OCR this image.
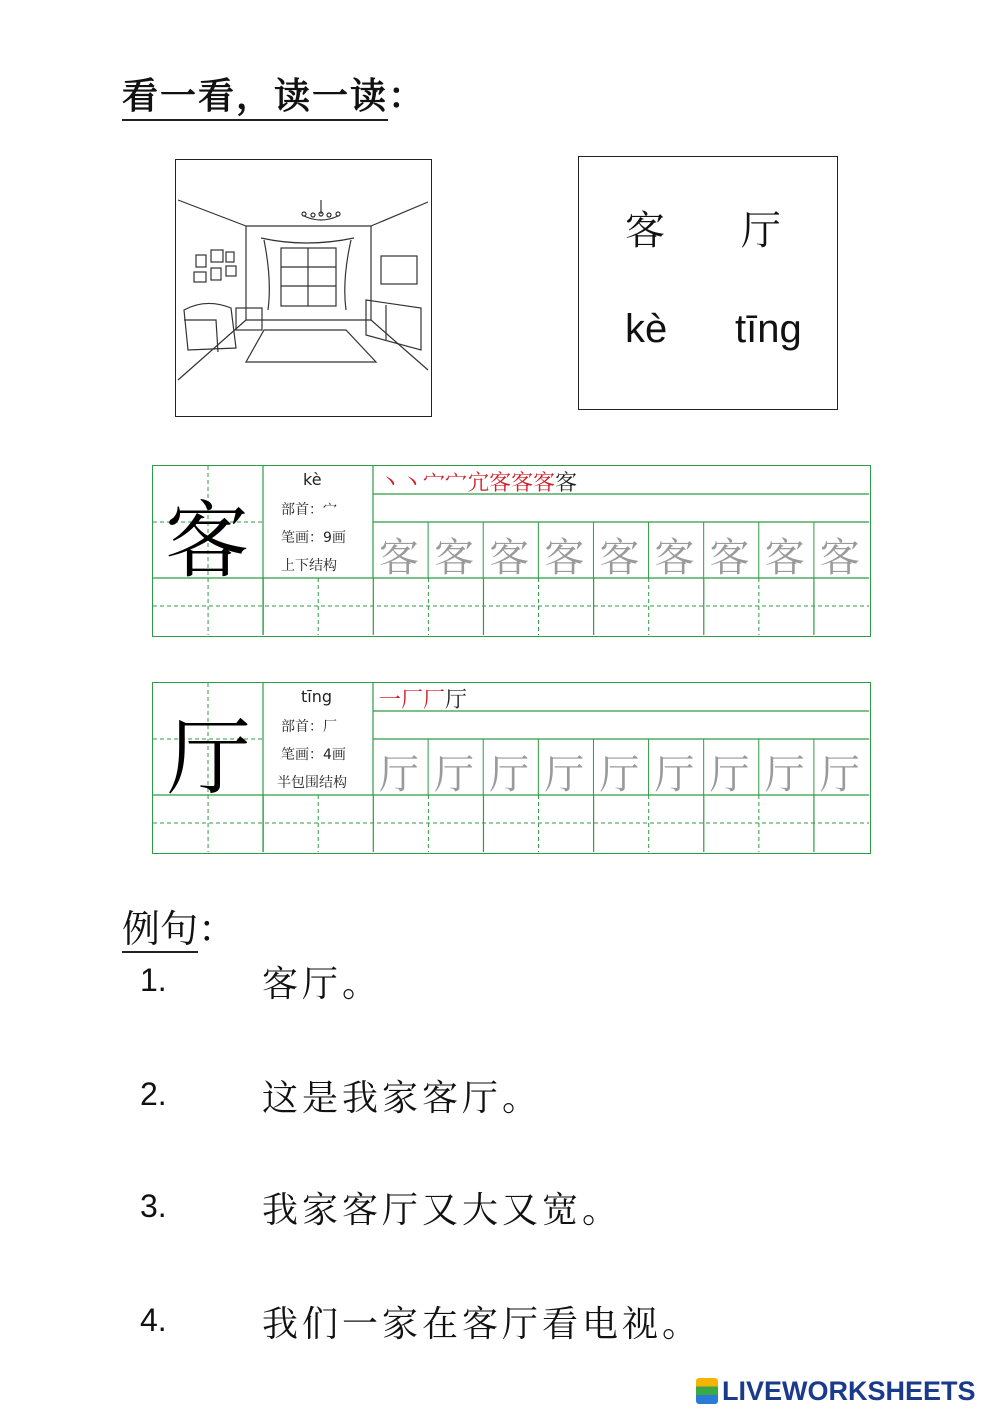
看一看，读一读：
客 厅
kè tīng
客
kè
部首：宀
笔画：9画
上下结构
丶丶宀宀宂客客客客
客 客 客 客 客 客 客 客 客
厅
tīng
部首：厂
笔画：4画
半包围结构
一厂厂厅
厅 厅 厅 厅 厅 厅 厅 厅 厅
例句：
1.	客厅。
2.	这是我家客厅。
3.	我家客厅又大又宽。
4.	我们一家在客厅看电视。
LIVEWORKSHEETS
